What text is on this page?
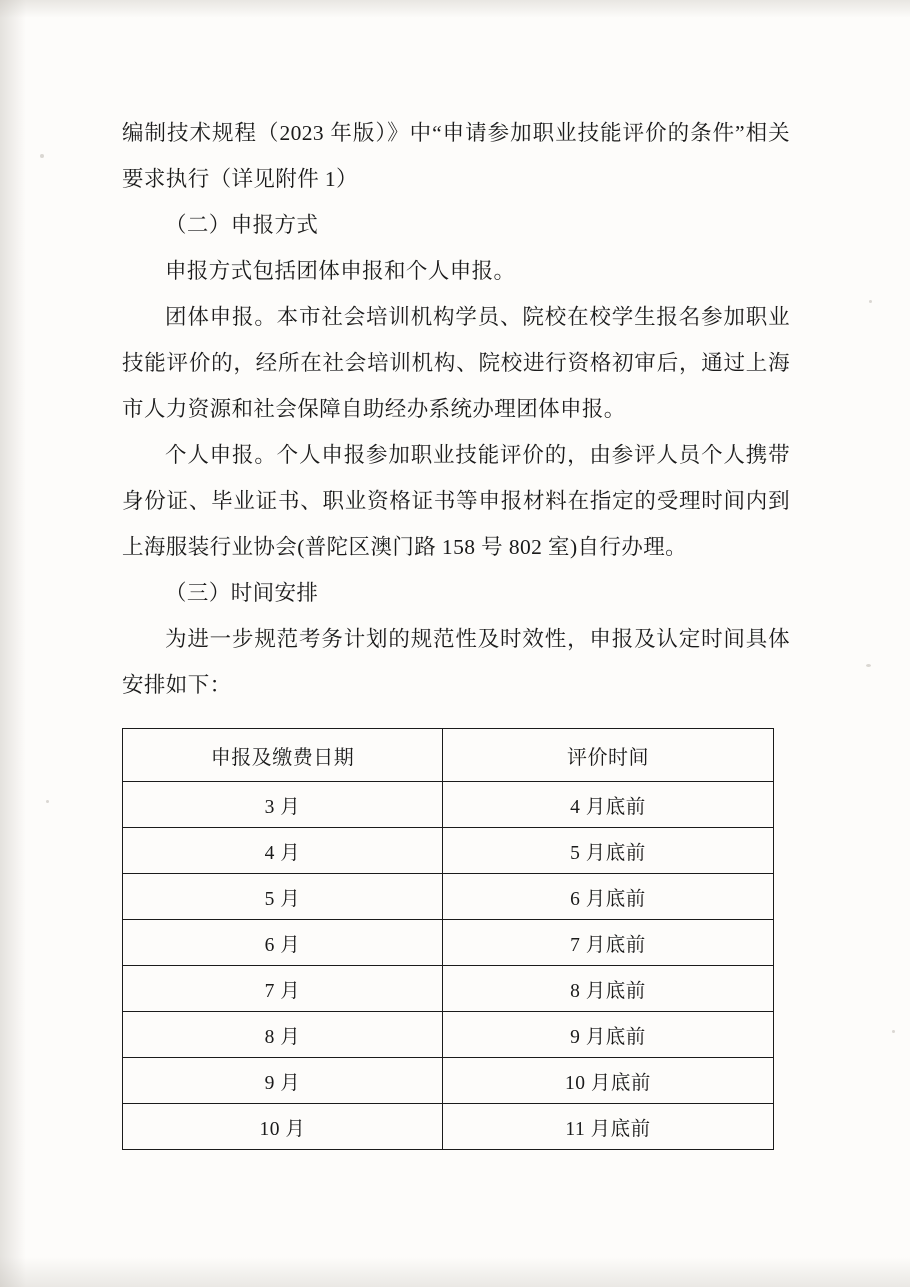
编制技术规程（2023 年版）》中“申请参加职业技能评价的条件”相关要求执行（详见附件 1）

（二）申报方式

申报方式包括团体申报和个人申报。

团体申报。本市社会培训机构学员、院校在校学生报名参加职业技能评价的，经所在社会培训机构、院校进行资格初审后，通过上海市人力资源和社会保障自助经办系统办理团体申报。

个人申报。个人申报参加职业技能评价的，由参评人员个人携带身份证、毕业证书、职业资格证书等申报材料在指定的受理时间内到上海服装行业协会(普陀区澳门路 158 号 802 室)自行办理。

（三）时间安排

为进一步规范考务计划的规范性及时效性，申报及认定时间具体安排如下：

申报及缴费日期	评价时间
3 月	4 月底前
4 月	5 月底前
5 月	6 月底前
6 月	7 月底前
7 月	8 月底前
8 月	9 月底前
9 月	10 月底前
10 月	11 月底前
